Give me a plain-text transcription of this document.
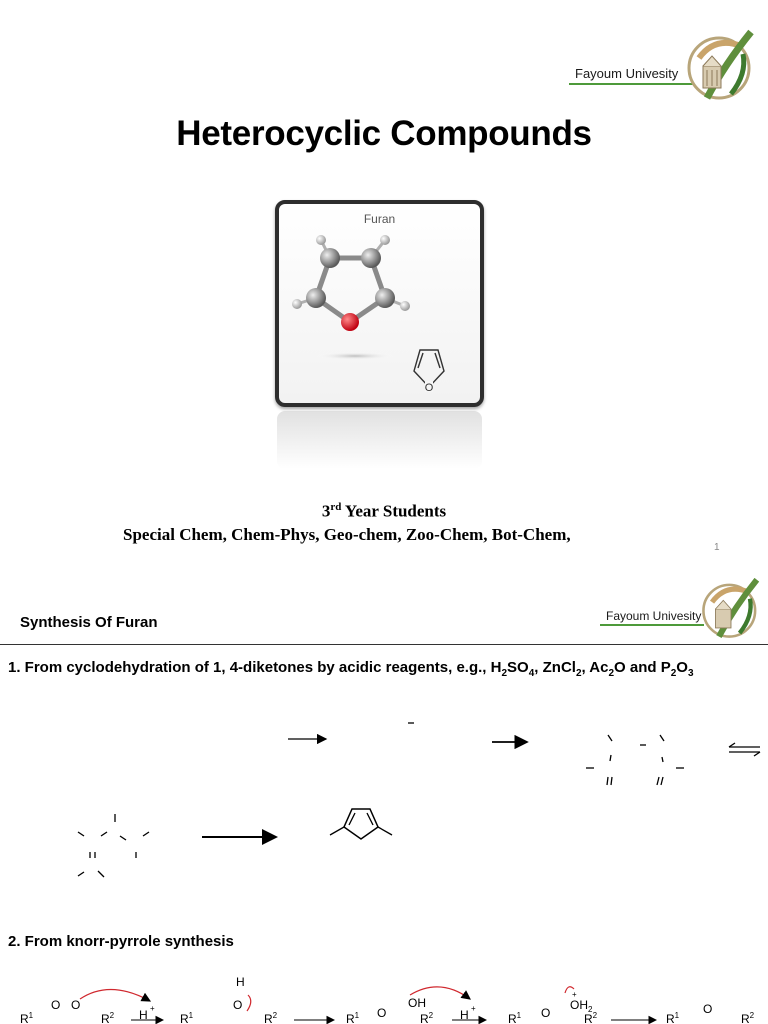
Fayoum Univesity
Heterocyclic Compounds
Furan
O
3rd Year Students
Special Chem, Chem-Phys, Geo-chem, Zoo-Chem, Bot-Chem,
1
Fayoum Univesity
Synthesis Of Furan
1. From cyclodehydration of 1, 4-diketones by acidic reagents, e.g., $H_2SO_4$, ZnCl$_2$, $Ac_2O$ and $P_2O_3$
2. From knorr-pyrrole synthesis
$R^1$
O O
$R^2$ H +
H
O
$R^1$	$R^2$	$R^1$ O
OH
$R^2$ H +
$R^1$ O
$OH_2$
+
$R^2$	$R^1$ O
$R^2$
